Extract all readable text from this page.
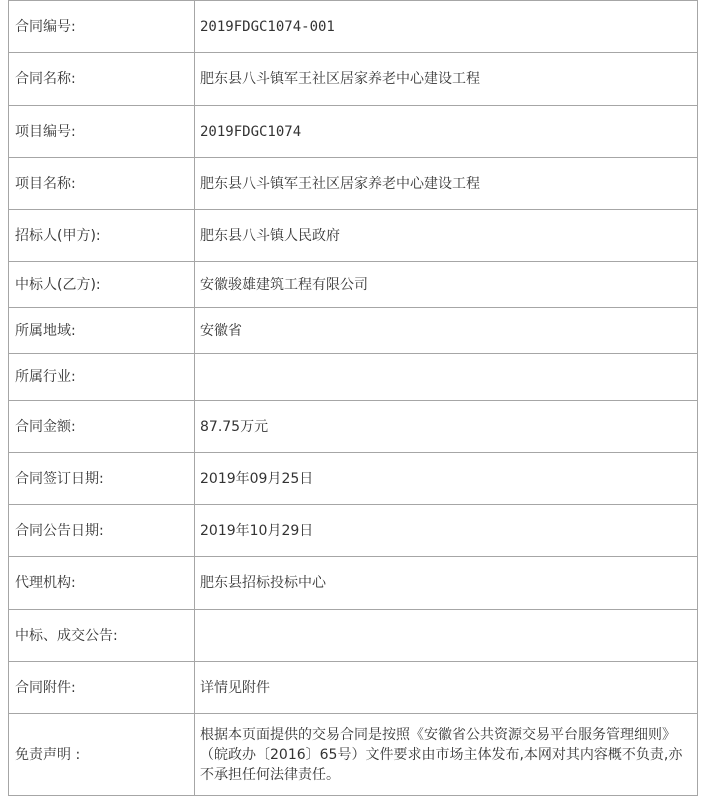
合同编号:	2019FDGC1074-001
合同名称:	肥东县八斗镇军王社区居家养老中心建设工程
项目编号:	2019FDGC1074
项目名称:	肥东县八斗镇军王社区居家养老中心建设工程
招标人(甲方):	肥东县八斗镇人民政府
中标人(乙方):	安徽骏雄建筑工程有限公司
所属地域:	安徽省
所属行业:	
合同金额:	87.75万元
合同签订日期:	2019年09月25日
合同公告日期:	2019年10月29日
代理机构:	肥东县招标投标中心
中标、成交公告:	
合同附件:	详情见附件
免责声明 :	根据本页面提供的交易合同是按照《安徽省公共资源交易平台服务管理细则》（皖政办〔2016〕65号）文件要求由市场主体发布,本网对其内容概不负责,亦不承担任何法律责任。
